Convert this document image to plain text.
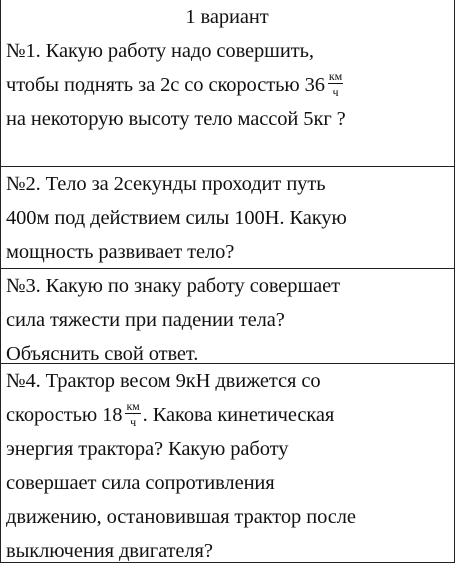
1 вариант
№1. Какую работу надо совершить,
чтобы поднять за 2с со скоростью $36 \frac{км}{ч}$
на некоторую высоту тело массой 5кг ?
№2. Тело за 2секунды проходит путь
400м под действием силы 100Н. Какую
мощность развивает тело?
№3. Какую по знаку работу совершает
сила тяжести при падении тела?
Объяснить свой ответ.
№4. Трактор весом 9кН движется со
скоростью $18 \frac{км}{ч}$ . Какова кинетическая
энергия трактора? Какую работу
совершает сила сопротивления
движению, остановившая трактор после
выключения двигателя?
